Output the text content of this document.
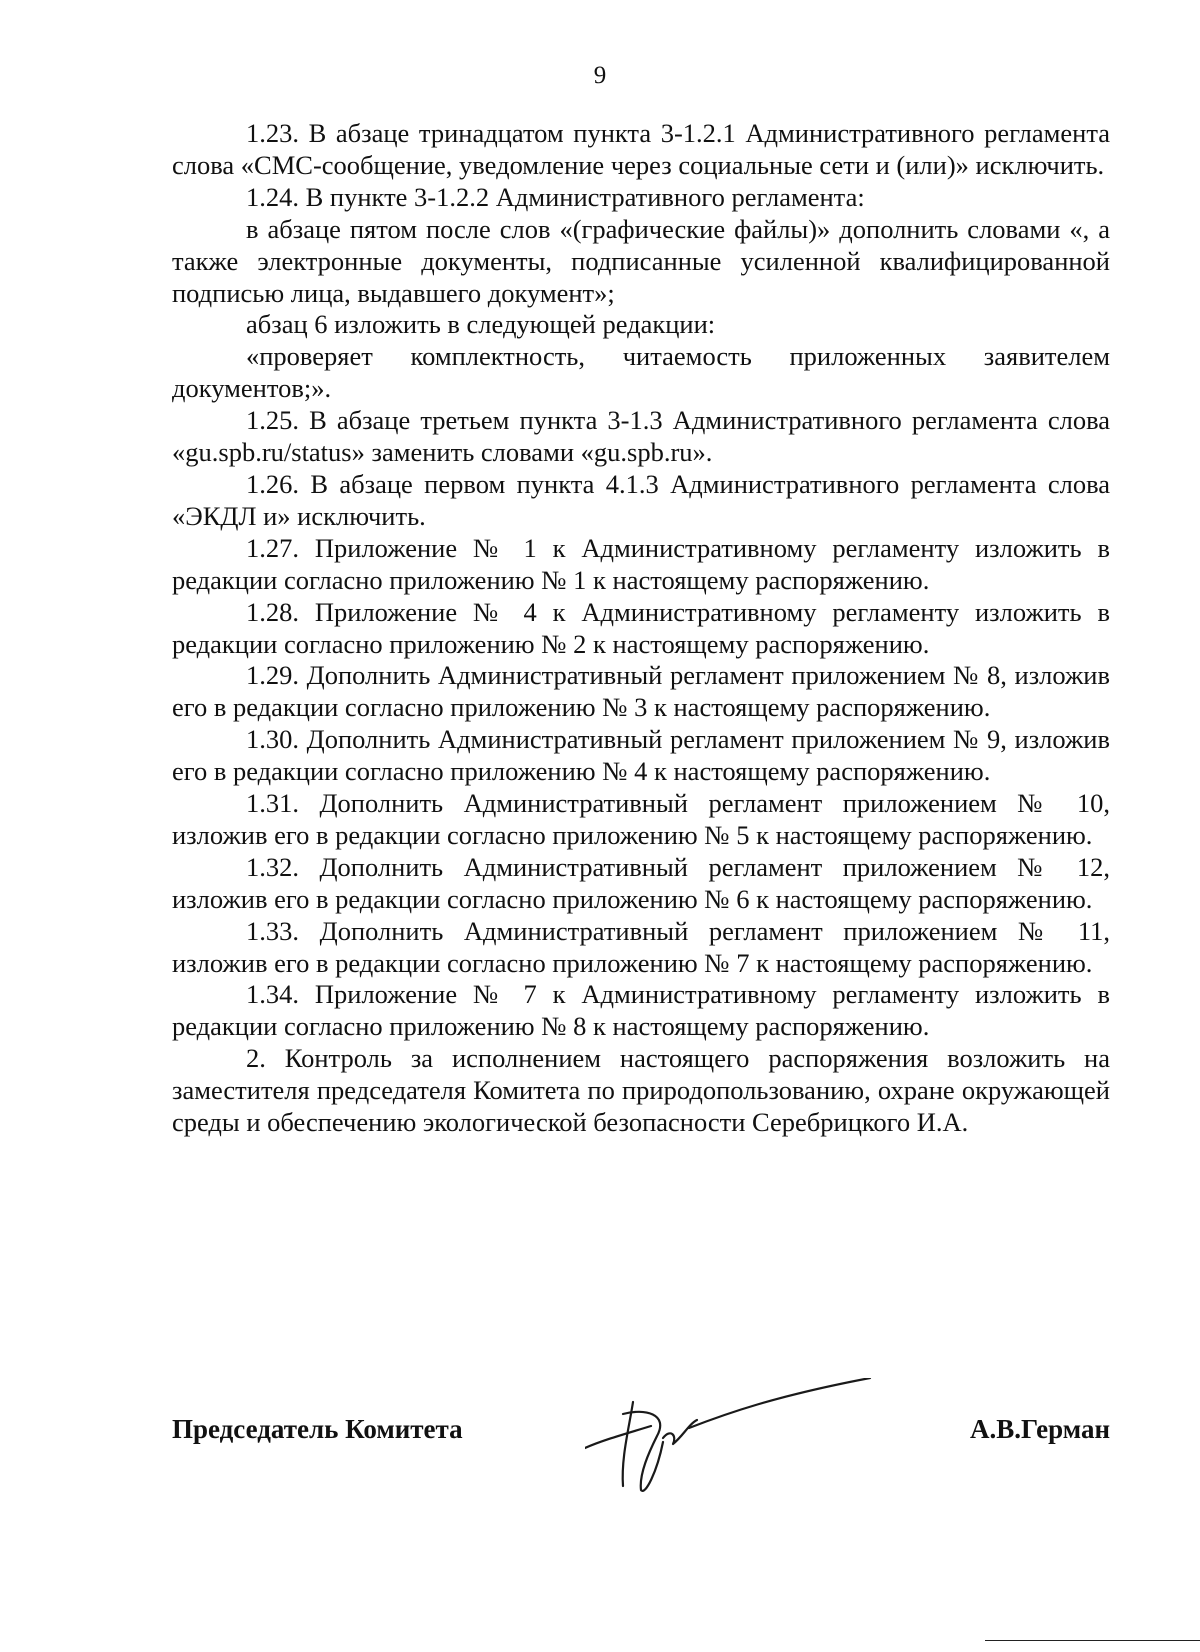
9

1.23. В абзаце тринадцатом пункта 3-1.2.1 Административного регламента слова «СМС-сообщение, уведомление через социальные сети и (или)» исключить.

1.24. В пункте 3-1.2.2 Административного регламента:

в абзаце пятом после слов «(графические файлы)» дополнить словами «, а также электронные документы, подписанные усиленной квалифицированной подписью лица, выдавшего документ»;

абзац 6 изложить в следующей редакции:

«проверяет комплектность, читаемость приложенных заявителем документов;».

1.25. В абзаце третьем пункта 3-1.3 Административного регламента слова «gu.spb.ru/status» заменить словами «gu.spb.ru».

1.26. В абзаце первом пункта 4.1.3 Административного регламента слова «ЭКДЛ и» исключить.

1.27. Приложение № 1 к Административному регламенту изложить в редакции согласно приложению № 1 к настоящему распоряжению.

1.28. Приложение № 4 к Административному регламенту изложить в редакции согласно приложению № 2 к настоящему распоряжению.

1.29. Дополнить Административный регламент приложением № 8, изложив его в редакции согласно приложению № 3 к настоящему распоряжению.

1.30. Дополнить Административный регламент приложением № 9, изложив его в редакции согласно приложению № 4 к настоящему распоряжению.

1.31. Дополнить Административный регламент приложением № 10, изложив его в редакции согласно приложению № 5 к настоящему распоряжению.

1.32. Дополнить Административный регламент приложением № 12, изложив его в редакции согласно приложению № 6 к настоящему распоряжению.

1.33. Дополнить Административный регламент приложением № 11, изложив его в редакции согласно приложению № 7 к настоящему распоряжению.

1.34. Приложение № 7 к Административному регламенту изложить в редакции согласно приложению № 8 к настоящему распоряжению.

2. Контроль за исполнением настоящего распоряжения возложить на заместителя председателя Комитета по природопользованию, охране окружающей среды и обеспечению экологической безопасности Серебрицкого И.А.

Председатель Комитета	А.В.Герман
